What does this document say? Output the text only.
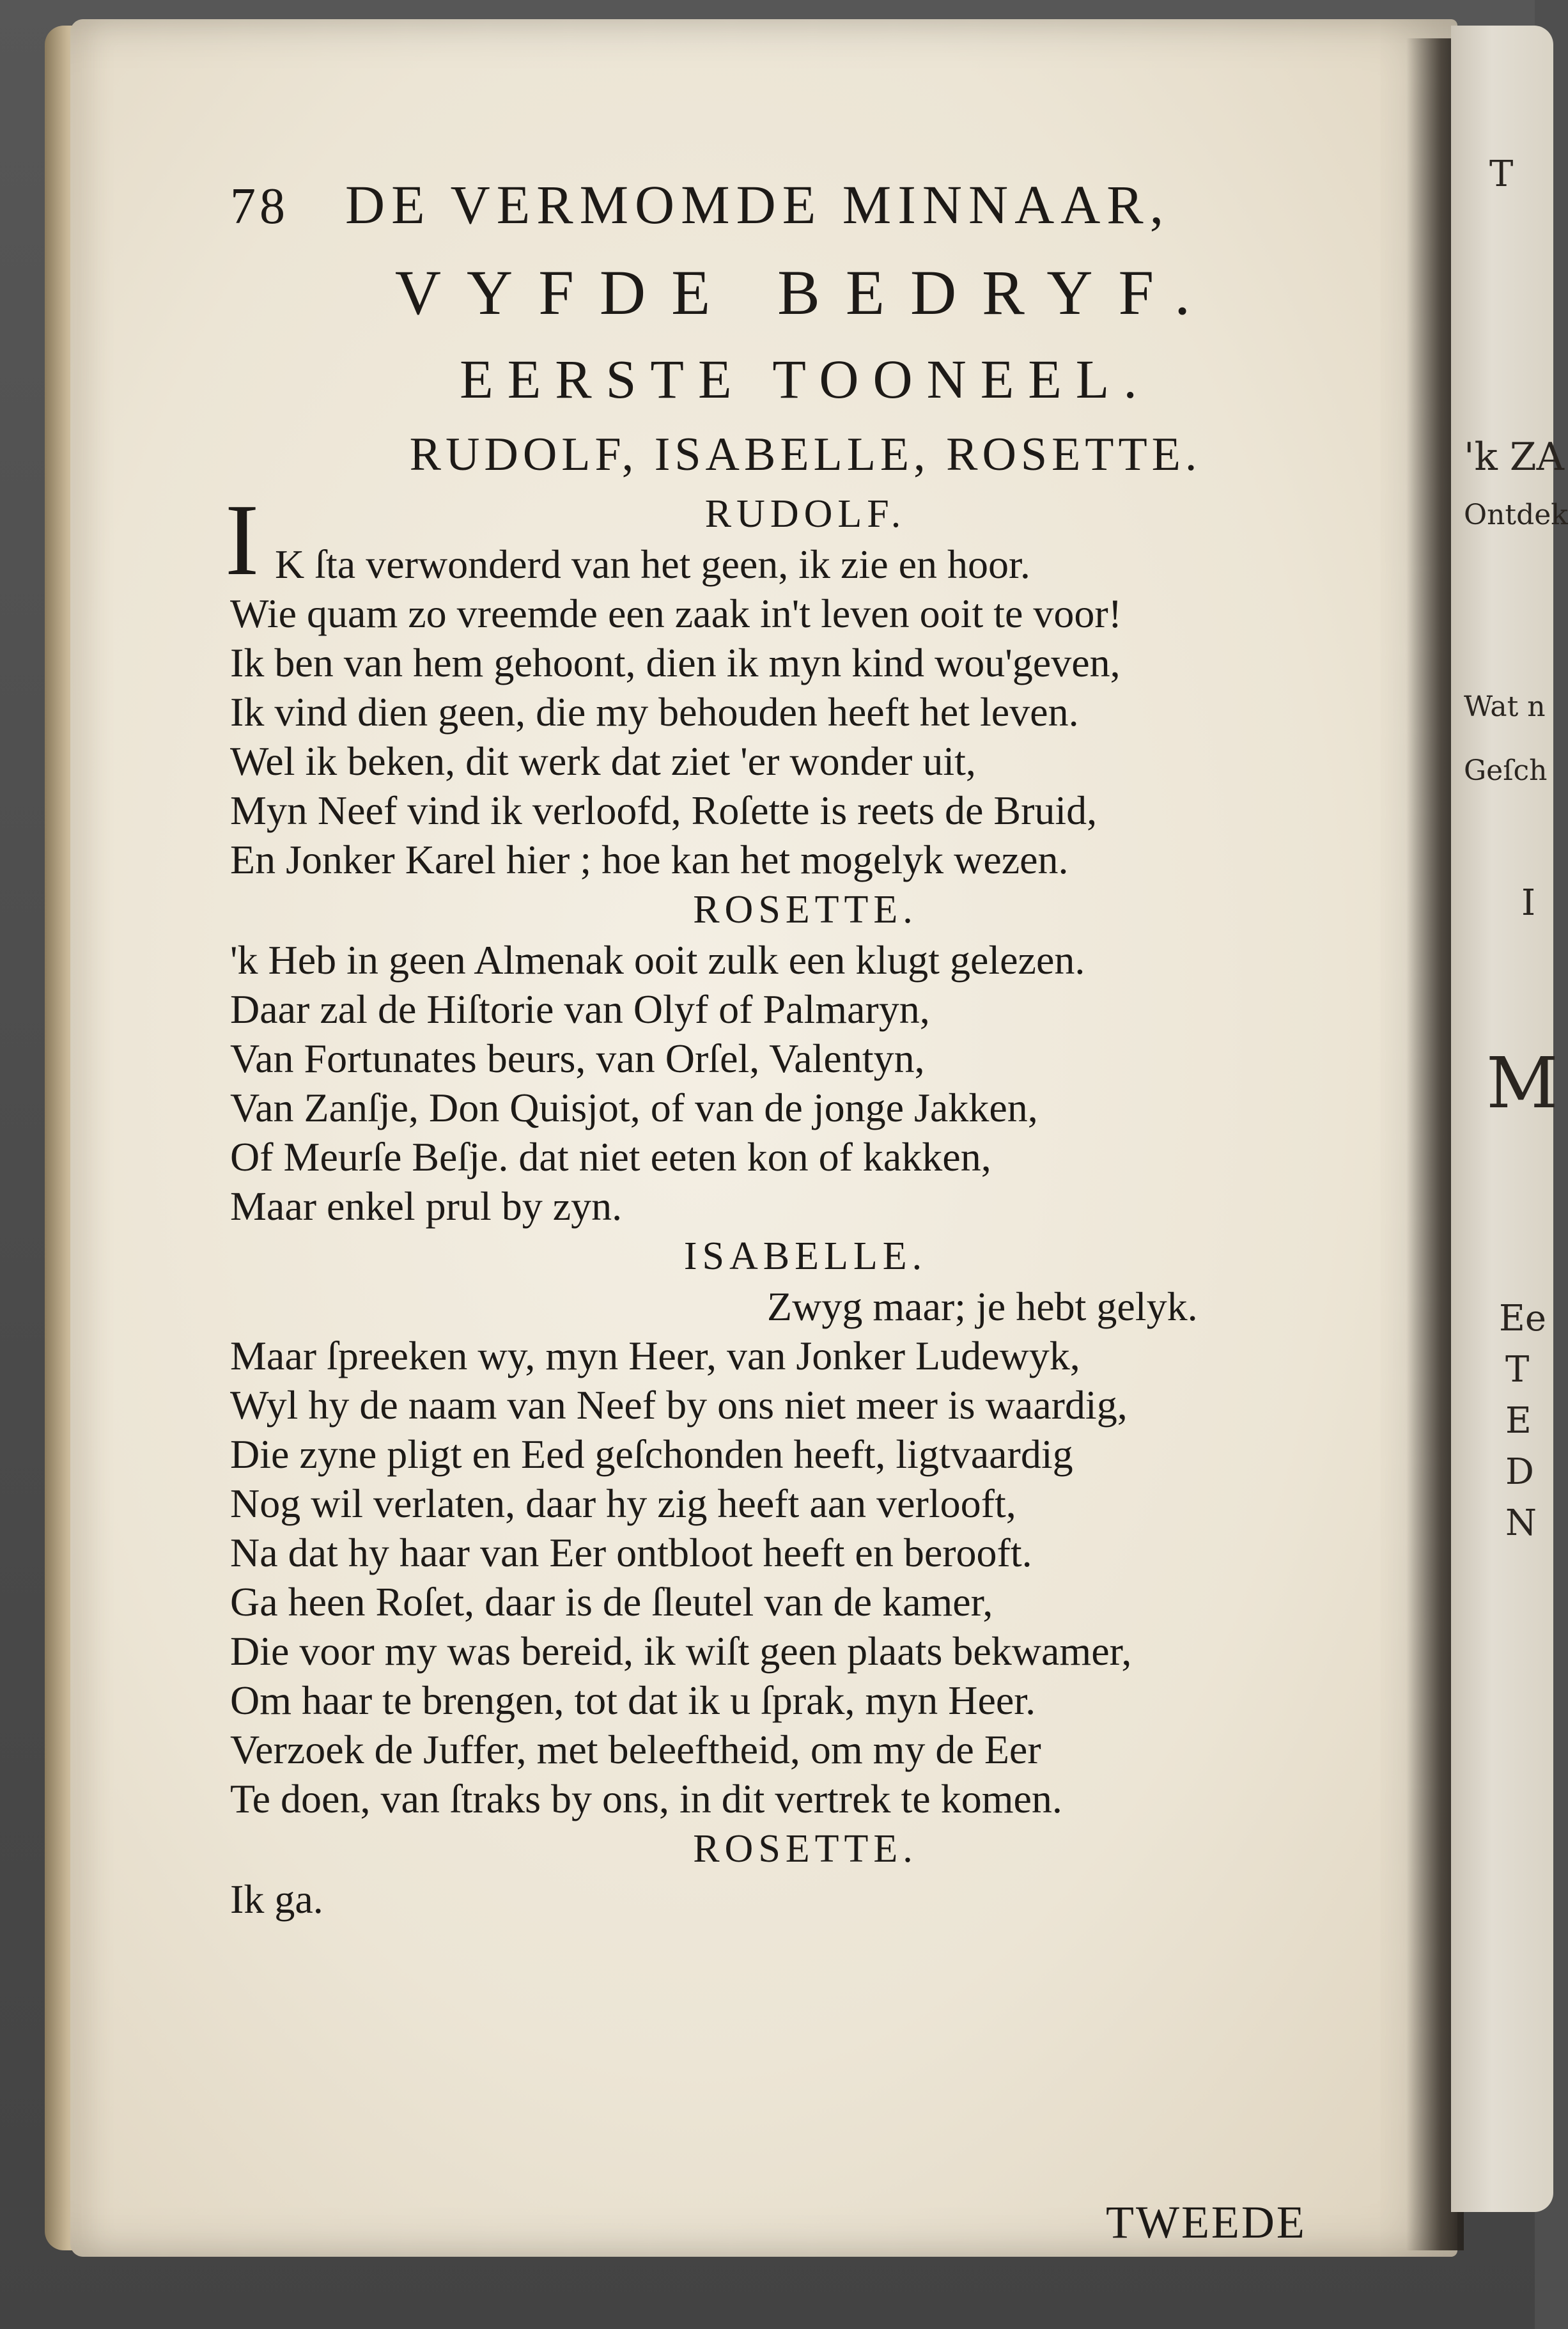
T
'k ZA
Ontdek
Wat n
Geſch
I
M
Ee
T
E
D
N
78	DE VERMOMDE MINNAAR,
VYFDE BEDRYF.
EERSTE TOONEEL.
RUDOLF, ISABELLE, ROSETTE.

RUDOLF.

I K ſta verwonderd van het geen, ik zie en hoor.

Wie quam zo vreemde een zaak in't leven ooit te voor!

Ik ben van hem gehoont, dien ik myn kind wou'geven,

Ik vind dien geen, die my behouden heeft het leven.

Wel ik beken, dit werk dat ziet 'er wonder uit,

Myn Neef vind ik verloofd, Roſette is reets de Bruid,

En Jonker Karel hier ; hoe kan het mogelyk wezen.

ROSETTE.

'k Heb in geen Almenak ooit zulk een klugt gelezen.

Daar zal de Hiſtorie van Olyf of Palmaryn,

Van Fortunates beurs, van Orſel, Valentyn,

Van Zanſje, Don Quisjot, of van de jonge Jakken,

Of Meurſe Beſje. dat niet eeten kon of kakken,

Maar enkel prul by zyn.

ISABELLE.

Zwyg maar; je hebt gelyk.

Maar ſpreeken wy, myn Heer, van Jonker Ludewyk,

Wyl hy de naam van Neef by ons niet meer is waardig,

Die zyne pligt en Eed geſchonden heeft, ligtvaardig

Nog wil verlaten, daar hy zig heeft aan verlooft,

Na dat hy haar van Eer ontbloot heeft en berooft.

Ga heen Roſet, daar is de ſleutel van de kamer,

Die voor my was bereid, ik wiſt geen plaats bekwamer,

Om haar te brengen, tot dat ik u ſprak, myn Heer.

Verzoek de Juffer, met beleeftheid, om my de Eer

Te doen, van ſtraks by ons, in dit vertrek te komen.

ROSETTE.

Ik ga.

TWEEDE
